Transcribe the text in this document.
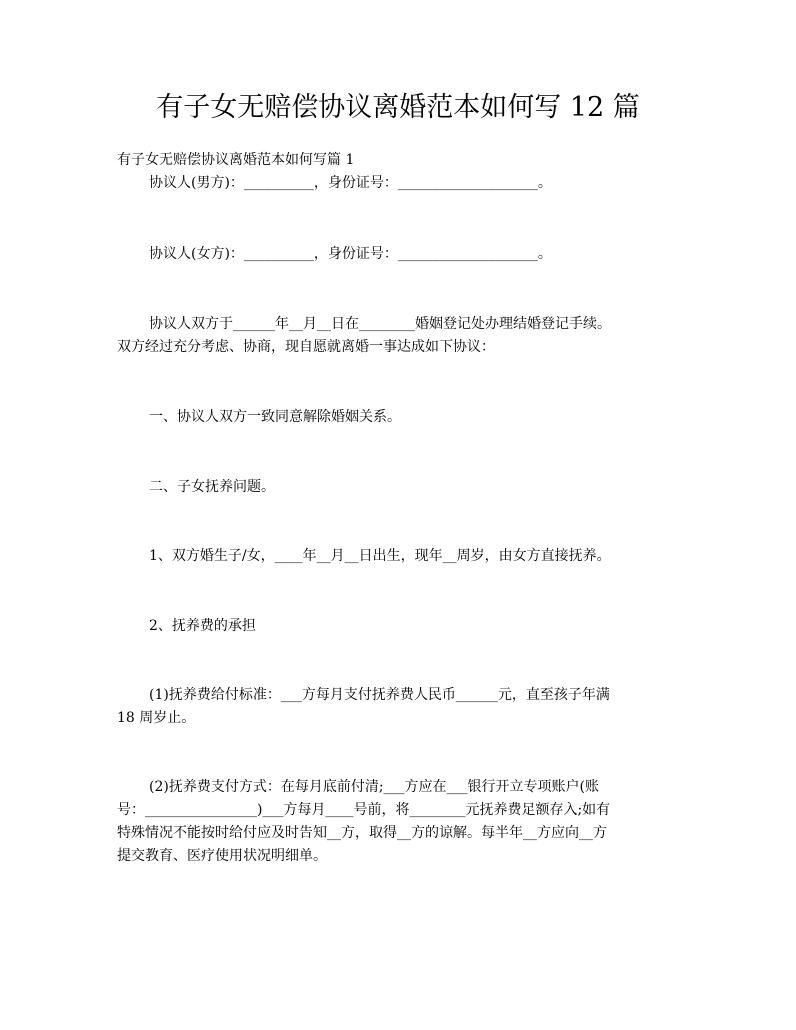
有子女无赔偿协议离婚范本如何写 12 篇
有子女无赔偿协议离婚范本如何写篇 1
协议人(男方)：__________，身份证号：____________________。
协议人(女方)：__________，身份证号：____________________。
协议人双方于______年__月__日在________婚姻登记处办理结婚登记手续。
双方经过充分考虑、协商，现自愿就离婚一事达成如下协议：
一、协议人双方一致同意解除婚姻关系。
二、子女抚养问题。
1、双方婚生子/女，____年__月__日出生，现年__周岁，由女方直接抚养。
2、抚养费的承担
(1)抚养费给付标准：___方每月支付抚养费人民币______元，直至孩子年满
18 周岁止。
(2)抚养费支付方式：在每月底前付清;___方应在___银行开立专项账户(账
号：________________)___方每月____号前，将________元抚养费足额存入;如有
特殊情况不能按时给付应及时告知__方，取得__方的谅解。每半年__方应向__方
提交教育、医疗使用状况明细单。
